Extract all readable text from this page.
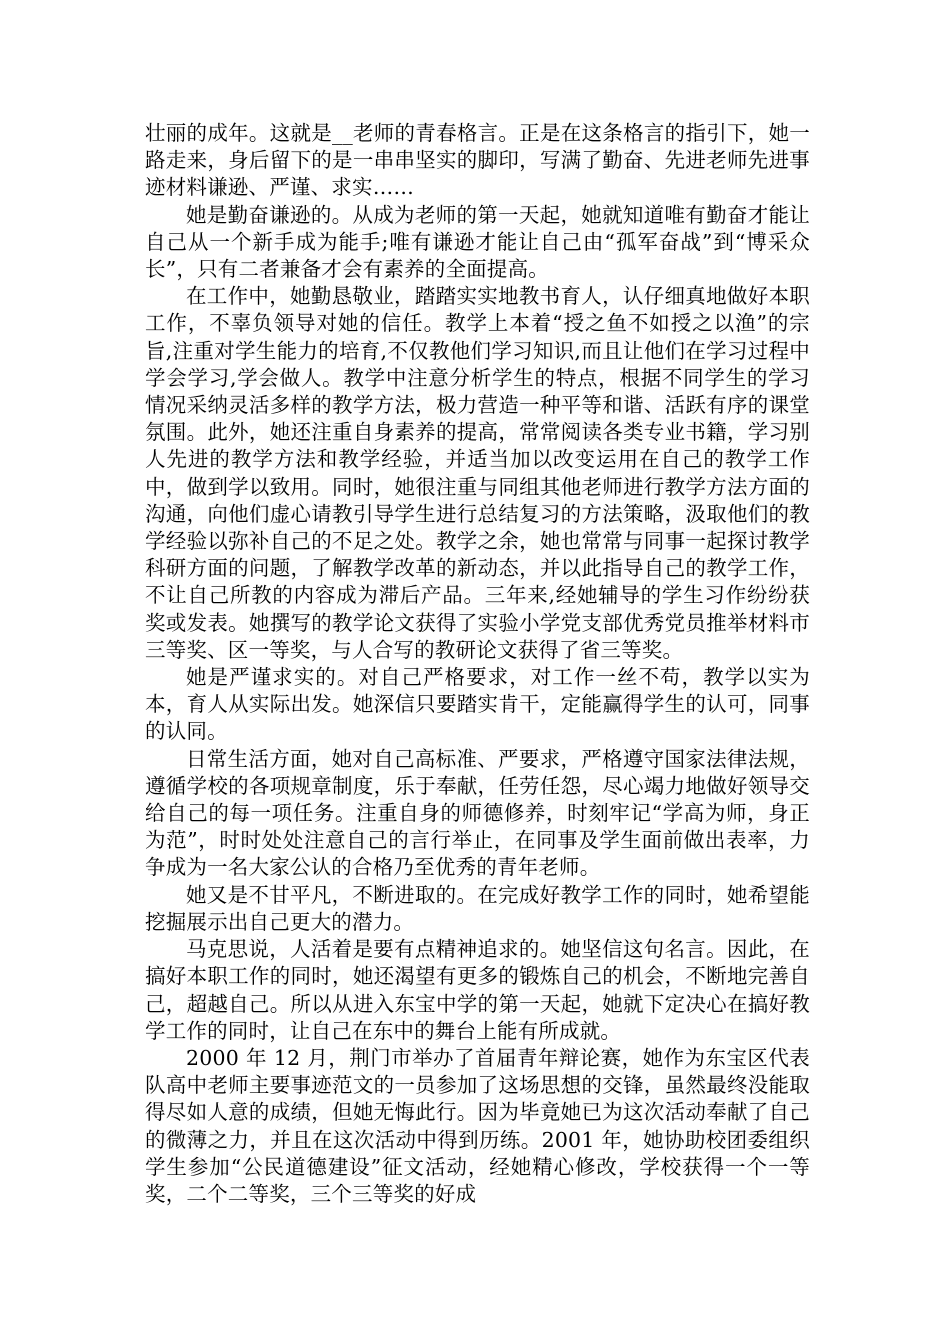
壮丽的成年。这就是__老师的青春格言。正是在这条格言的指引下，她一路走来，身后留下的是一串串坚实的脚印，写满了勤奋、先进老师先进事迹材料谦逊、严谨、求实……

她是勤奋谦逊的。从成为老师的第一天起，她就知道唯有勤奋才能让自己从一个新手成为能手;唯有谦逊才能让自己由“孤军奋战”到“博采众长”，只有二者兼备才会有素养的全面提高。

在工作中，她勤恳敬业，踏踏实实地教书育人，认仔细真地做好本职工作，不辜负领导对她的信任。教学上本着“授之鱼不如授之以渔”的宗旨,注重对学生能力的培育,不仅教他们学习知识,而且让他们在学习过程中学会学习,学会做人。教学中注意分析学生的特点，根据不同学生的学习情况采纳灵活多样的教学方法，极力营造一种平等和谐、活跃有序的课堂氛围。此外，她还注重自身素养的提高，常常阅读各类专业书籍，学习别人先进的教学方法和教学经验，并适当加以改变运用在自己的教学工作中，做到学以致用。同时，她很注重与同组其他老师进行教学方法方面的沟通，向他们虚心请教引导学生进行总结复习的方法策略，汲取他们的教学经验以弥补自己的不足之处。教学之余，她也常常与同事一起探讨教学科研方面的问题，了解教学改革的新动态，并以此指导自己的教学工作，不让自己所教的内容成为滞后产品。三年来,经她辅导的学生习作纷纷获奖或发表。她撰写的教学论文获得了实验小学党支部优秀党员推举材料市三等奖、区一等奖，与人合写的教研论文获得了省三等奖。

她是严谨求实的。对自己严格要求，对工作一丝不苟，教学以实为本，育人从实际出发。她深信只要踏实肯干，定能赢得学生的认可，同事的认同。

日常生活方面，她对自己高标准、严要求，严格遵守国家法律法规，遵循学校的各项规章制度，乐于奉献，任劳任怨，尽心竭力地做好领导交给自己的每一项任务。注重自身的师德修养，时刻牢记“学高为师，身正为范”，时时处处注意自己的言行举止，在同事及学生面前做出表率，力争成为一名大家公认的合格乃至优秀的青年老师。

她又是不甘平凡，不断进取的。在完成好教学工作的同时，她希望能挖掘展示出自己更大的潜力。

马克思说，人活着是要有点精神追求的。她坚信这句名言。因此，在搞好本职工作的同时，她还渴望有更多的锻炼自己的机会，不断地完善自己，超越自己。所以从进入东宝中学的第一天起，她就下定决心在搞好教学工作的同时，让自己在东中的舞台上能有所成就。

2000 年 12 月，荆门市举办了首届青年辩论赛，她作为东宝区代表队高中老师主要事迹范文的一员参加了这场思想的交锋，虽然最终没能取得尽如人意的成绩，但她无悔此行。因为毕竟她已为这次活动奉献了自己的微薄之力，并且在这次活动中得到历练。2001 年，她协助校团委组织学生参加“公民道德建设”征文活动，经她精心修改，学校获得一个一等奖，二个二等奖，三个三等奖的好成
